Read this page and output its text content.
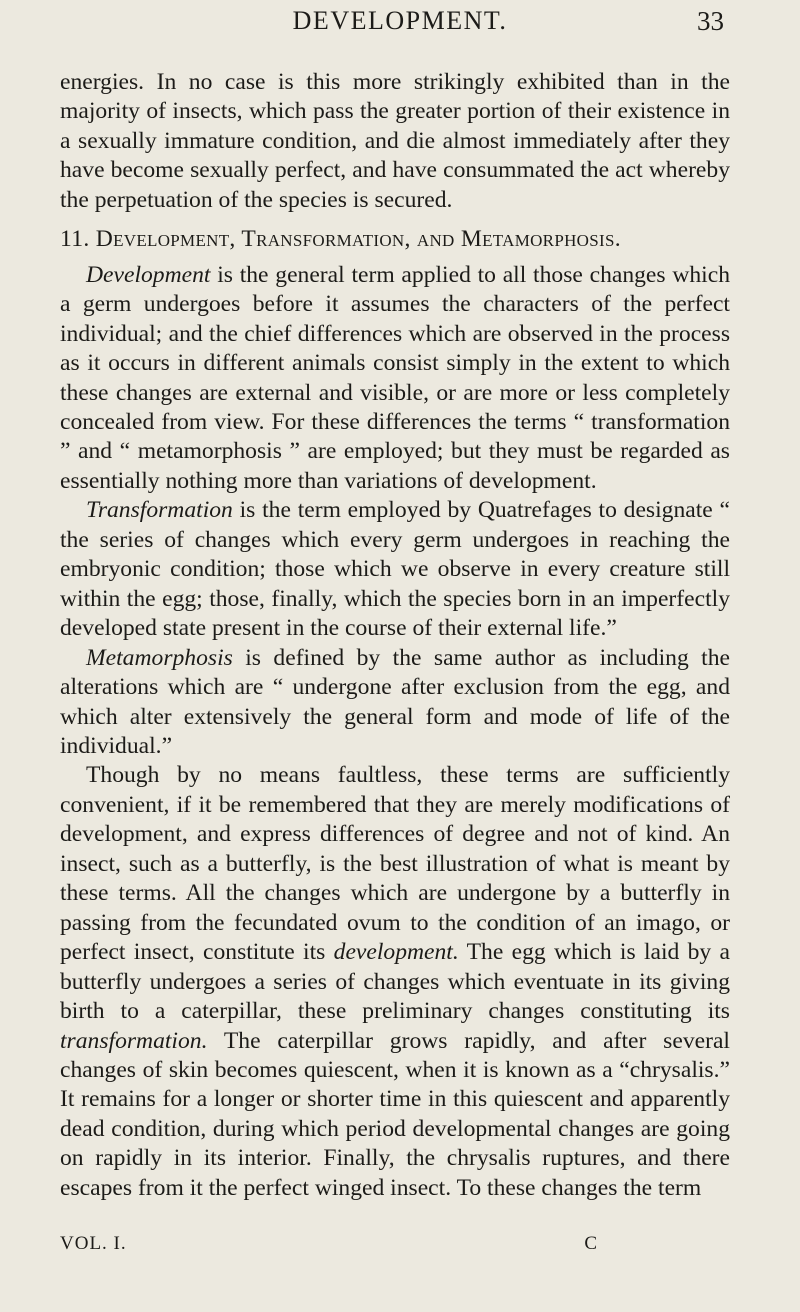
DEVELOPMENT.	33

energies. In no case is this more strikingly exhibited than in the majority of insects, which pass the greater portion of their existence in a sexually immature condition, and die almost immediately after they have become sexually perfect, and have consummated the act whereby the perpetuation of the species is secured.

11. Development, Transformation, and Metamorphosis.

Development is the general term applied to all those changes which a germ undergoes before it assumes the characters of the perfect individual; and the chief differences which are observed in the process as it occurs in different animals consist simply in the extent to which these changes are external and visible, or are more or less completely concealed from view. For these differences the terms “ transformation ” and “ metamorphosis ” are employed; but they must be regarded as essentially nothing more than variations of development.

Transformation is the term employed by Quatrefages to designate “ the series of changes which every germ undergoes in reaching the embryonic condition; those which we observe in every creature still within the egg; those, finally, which the species born in an imperfectly developed state present in the course of their external life.”

Metamorphosis is defined by the same author as including the alterations which are “ undergone after exclusion from the egg, and which alter extensively the general form and mode of life of the individual.”

Though by no means faultless, these terms are sufficiently convenient, if it be remembered that they are merely modifications of development, and express differences of degree and not of kind. An insect, such as a butterfly, is the best illustration of what is meant by these terms. All the changes which are undergone by a butterfly in passing from the fecundated ovum to the condition of an imago, or perfect insect, constitute its development. The egg which is laid by a butterfly undergoes a series of changes which eventuate in its giving birth to a caterpillar, these preliminary changes constituting its transformation. The caterpillar grows rapidly, and after several changes of skin becomes quiescent, when it is known as a “chrysalis.” It remains for a longer or shorter time in this quiescent and apparently dead condition, during which period developmental changes are going on rapidly in its interior. Finally, the chrysalis ruptures, and there escapes from it the perfect winged insect. To these changes the term

VOL. I.	C
